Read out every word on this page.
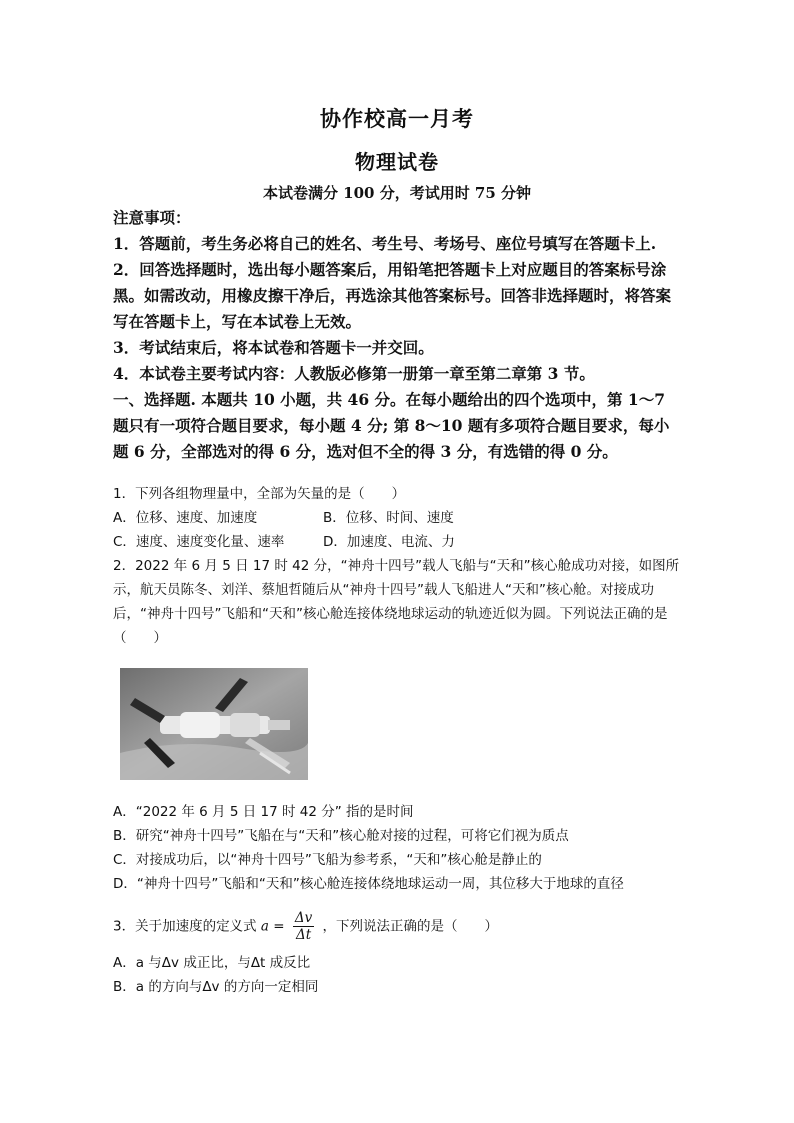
协作校高一月考
物理试卷
本试卷满分 100 分，考试用时 75 分钟

注意事项：

1．答题前，考生务必将自己的姓名、考生号、考场号、座位号填写在答题卡上.

2．回答选择题时，选出每小题答案后，用铅笔把答题卡上对应题目的答案标号涂黑。如需改动，用橡皮擦干净后，再选涂其他答案标号。回答非选择题时，将答案写在答题卡上，写在本试卷上无效。

3．考试结束后，将本试卷和答题卡一并交回。

4．本试卷主要考试内容：人教版必修第一册第一章至第二章第 3 节。

一、选择题. 本题共 10 小题，共 46 分。在每小题给出的四个选项中，第 1～7 题只有一项符合题目要求，每小题 4 分; 第 8～10 题有多项符合题目要求，每小题 6 分，全部选对的得 6 分，选对但不全的得 3 分，有选错的得 0 分。

1．下列各组物理量中，全部为矢量的是（　　）

A．位移、速度、加速度	B．位移、时间、速度
C．速度、速度变化量、速率	D．加速度、电流、力

2．2022 年 6 月 5 日 17 时 42 分，“神舟十四号”载人飞船与“天和”核心舱成功对接，如图所示，航天员陈冬、刘洋、蔡旭哲随后从“神舟十四号”载人飞船进人“天和”核心舱。对接成功后，“神舟十四号”飞船和“天和”核心舱连接体绕地球运动的轨迹近似为圆。下列说法正确的是（　　）

A．“2022 年 6 月 5 日 17 时 42 分” 指的是时间

B．研究“神舟十四号”飞船在与“天和”核心舱对接的过程，可将它们视为质点

C．对接成功后，以“神舟十四号”飞船为参考系，“天和”核心舱是静止的

D．“神舟十四号”飞船和“天和”核心舱连接体绕地球运动一周，其位移大于地球的直径

3．关于加速度的定义式 $a = \frac{\Delta v}{\Delta t}$ ，下列说法正确的是（　　）

A．a 与Δv 成正比，与Δt 成反比

B．a 的方向与Δv 的方向一定相同
